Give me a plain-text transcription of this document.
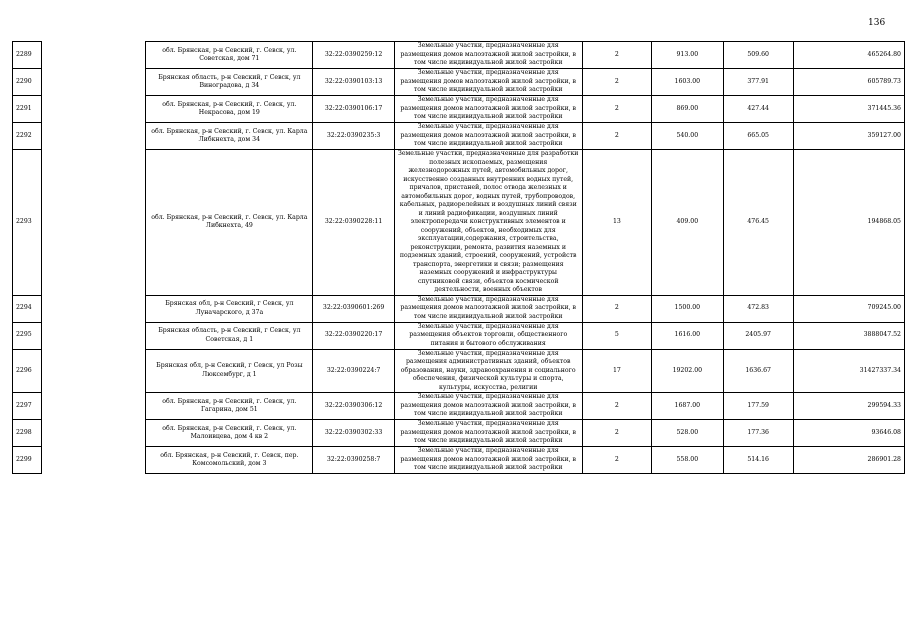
136
2289		обл. Брянская, р-н Севский, г. Севск, ул. Советская, дом 71	32:22:0390259:12	Земельные участки, предназначенные для размещения домов малоэтажной жилой застройки, в том числе индивидуальной жилой застройки	2	913.00	509.60	465264.80
2290		Брянская область, р-н Севский, г Севск, ул Виноградова, д 34	32:22:0390103:13	Земельные участки, предназначенные для размещения домов малоэтажной жилой застройки, в том числе индивидуальной жилой застройки	2	1603.00	377.91	605789.73
2291		обл. Брянская, р-н Севский, г. Севск, ул. Некрасова, дом 19	32:22:0390106:17	Земельные участки, предназначенные для размещения домов малоэтажной жилой застройки, в том числе индивидуальной жилой застройки	2	869.00	427.44	371445.36
2292		обл. Брянская, р-н Севский, г. Севск, ул. Карла Либкнехта, дом 34	32:22:0390235:3	Земельные участки, предназначенные для размещения домов малоэтажной жилой застройки, в том числе индивидуальной жилой застройки	2	540.00	665.05	359127.00
2293		обл. Брянская, р-н Севский, г. Севск, ул. Карла Либкнехта, 49	32:22:0390228:11	Земельные участки, предназначенные для разработки полезных ископаемых, размещения железнодорожных путей, автомобильных дорог, искусственно созданных внутренних водных путей, причалов, пристаней, полос отвода железных и автомобильных дорог, водных путей, трубопроводов, кабельных, радиорелейных и воздушных линий связи и линий радиофикации, воздушных линий электропередачи конструктивных элементов и сооружений, объектов, необходимых для эксплуатации,содержания, строительства, реконструкции, ремонта, развития наземных и подземных зданий, строений, сооружений, устройств транспорта, энергетики и связи; размещения наземных сооружений и инфраструктуры спутниковой связи, объектов космической деятельности, военных объектов	13	409.00	476.45	194868.05
2294		Брянская обл, р-н Севский, г Севск, ул Луначарского, д 37а	32:22:0390601:269	Земельные участки, предназначенные для размещения домов малоэтажной жилой застройки, в том числе индивидуальной жилой застройки	2	1500.00	472.83	709245.00
2295		Брянская область, р-н Севский, г Севск, ул Советская, д 1	32:22:0390220:17	Земельные участки, предназначенные для размещения объектов торговли, общественного питания и бытового обслуживания	5	1616.00	2405.97	3888047.52
2296		Брянская обл, р-н Севский, г Севск, ул Розы Люксембург, д 1	32:22:0390224:7	Земельные участки, предназначенные для размещения административных зданий, объектов образования, науки, здравоохранения и социального обеспечения, физической культуры и спорта, культуры, искусства, религии	17	19202.00	1636.67	31427337.34
2297		обл. Брянская, р-н Севский, г. Севск, ул. Гагарина, дом 51	32:22:0390306:12	Земельные участки, предназначенные для размещения домов малоэтажной жилой застройки, в том числе индивидуальной жилой застройки	2	1687.00	177.59	299594.33
2298		обл. Брянская, р-н Севский, г. Севск, ул. Малоивцева, дом 4 кв 2	32:22:0390302:33	Земельные участки, предназначенные для размещения домов малоэтажной жилой застройки, в том числе индивидуальной жилой застройки	2	528.00	177.36	93646.08
2299		обл. Брянская, р-н Севский, г. Севск, пер. Комсомольский, дом 3	32:22:0390258:7	Земельные участки, предназначенные для размещения домов малоэтажной жилой застройки, в том числе индивидуальной жилой застройки	2	558.00	514.16	286901.28
